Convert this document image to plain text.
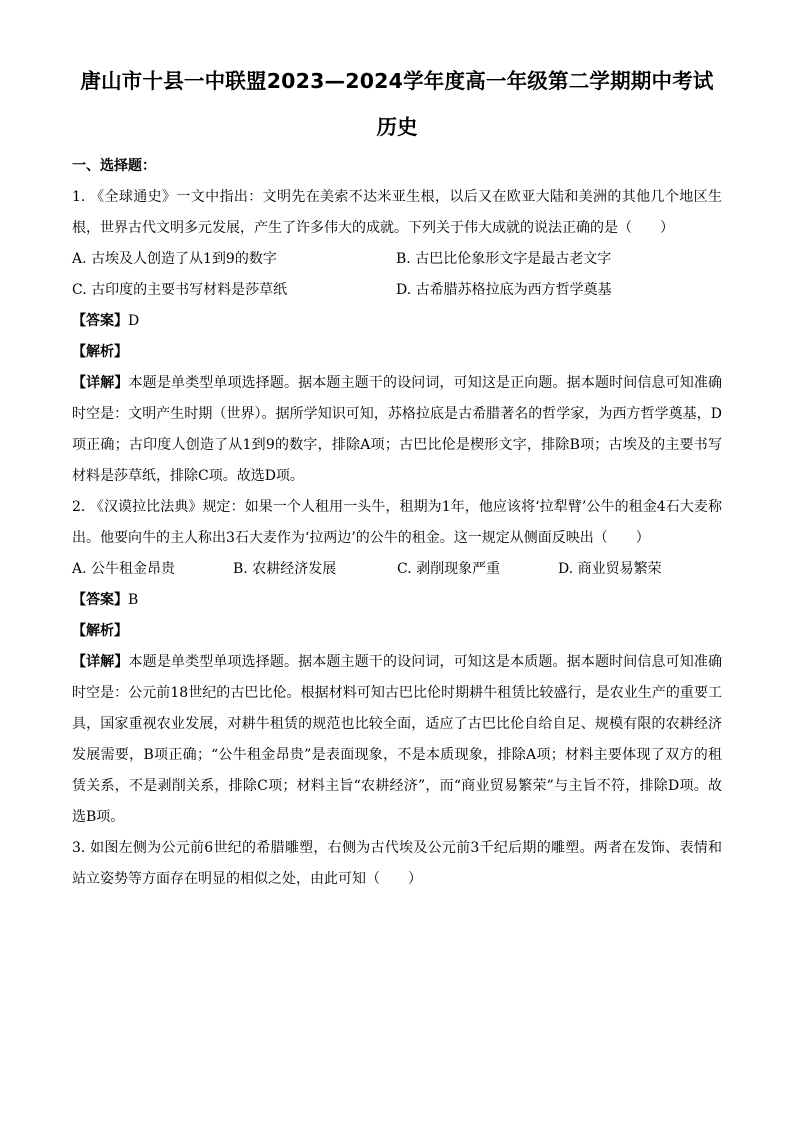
唐山市十县一中联盟2023—2024学年度高一年级第二学期期中考试
历史
一、选择题：

1. 《全球通史》一文中指出：文明先在美索不达米亚生根，以后又在欧亚大陆和美洲的其他几个地区生根，世界古代文明多元发展，产生了许多伟大的成就。下列关于伟大成就的说法正确的是（　　）

A. 古埃及人创造了从1到9的数字	B. 古巴比伦象形文字是最古老文字
C. 古印度的主要书写材料是莎草纸	D. 古希腊苏格拉底为西方哲学奠基

【答案】D

【解析】

【详解】本题是单类型单项选择题。据本题主题干的设问词，可知这是正向题。据本题时间信息可知准确时空是：文明产生时期（世界）。据所学知识可知，苏格拉底是古希腊著名的哲学家，为西方哲学奠基，D项正确；古印度人创造了从1到9的数字，排除A项；古巴比伦是楔形文字，排除B项；古埃及的主要书写材料是莎草纸，排除C项。故选D项。

2. 《汉谟拉比法典》规定：如果一个人租用一头牛，租期为1年，他应该将‘拉犁臂’公牛的租金4石大麦称出。他要向牛的主人称出3石大麦作为‘拉两边’的公牛的租金。这一规定从侧面反映出（　　）

A. 公牛租金昂贵	B. 农耕经济发展	C. 剥削现象严重	D. 商业贸易繁荣

【答案】B

【解析】

【详解】本题是单类型单项选择题。据本题主题干的设问词，可知这是本质题。据本题时间信息可知准确时空是：公元前18世纪的古巴比伦。根据材料可知古巴比伦时期耕牛租赁比较盛行，是农业生产的重要工具，国家重视农业发展，对耕牛租赁的规范也比较全面，适应了古巴比伦自给自足、规模有限的农耕经济发展需要，B项正确；“公牛租金昂贵”是表面现象，不是本质现象，排除A项；材料主要体现了双方的租赁关系，不是剥削关系，排除C项；材料主旨“农耕经济”，而“商业贸易繁荣”与主旨不符，排除D项。故选B项。

3. 如图左侧为公元前6世纪的希腊雕塑，右侧为古代埃及公元前3千纪后期的雕塑。两者在发饰、表情和站立姿势等方面存在明显的相似之处，由此可知（　　）
